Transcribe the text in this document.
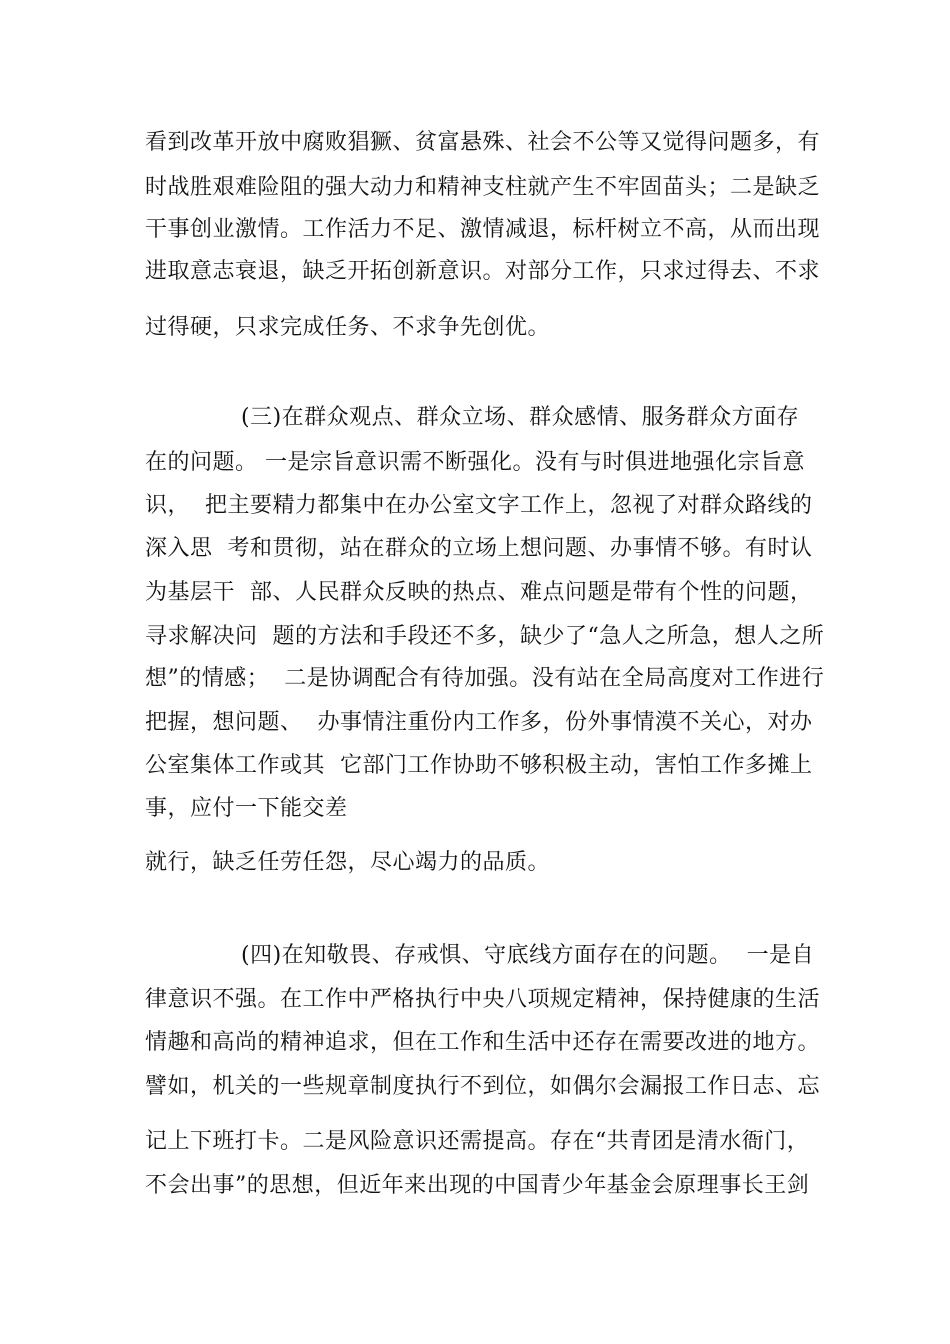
看到改革开放中腐败猖獗、贫富悬殊、社会不公等又觉得问题多，有
时战胜艰难险阻的强大动力和精神支柱就产生不牢固苗头；二是缺乏
干事创业激情。工作活力不足、激情减退，标杆树立不高，从而出现
进取意志衰退，缺乏开拓创新意识。对部分工作，只求过得去、不求
过得硬，只求完成任务、不求争先创优。
(三)在群众观点、群众立场、群众感情、服务群众方面存
在的问题。 一是宗旨意识需不断强化。没有与时俱进地强化宗旨意
识，  把主要精力都集中在办公室文字工作上，忽视了对群众路线的
深入思  考和贯彻，站在群众的立场上想问题、办事情不够。有时认
为基层干  部、人民群众反映的热点、难点问题是带有个性的问题，
寻求解决问  题的方法和手段还不多，缺少了“急人之所急，想人之所
想”的情感；  二是协调配合有待加强。没有站在全局高度对工作进行
把握，想问题、  办事情注重份内工作多，份外事情漠不关心，对办
公室集体工作或其  它部门工作协助不够积极主动，害怕工作多摊上
事，应付一下能交差
就行，缺乏任劳任怨，尽心竭力的品质。
(四)在知敬畏、存戒惧、守底线方面存在的问题。  一是自
律意识不强。在工作中严格执行中央八项规定精神，保持健康的生活
情趣和高尚的精神追求，但在工作和生活中还存在需要改进的地方。
譬如，机关的一些规章制度执行不到位，如偶尔会漏报工作日志、忘
记上下班打卡。二是风险意识还需提高。存在“共青团是清水衙门，
不会出事”的思想，但近年来出现的中国青少年基金会原理事长王剑
